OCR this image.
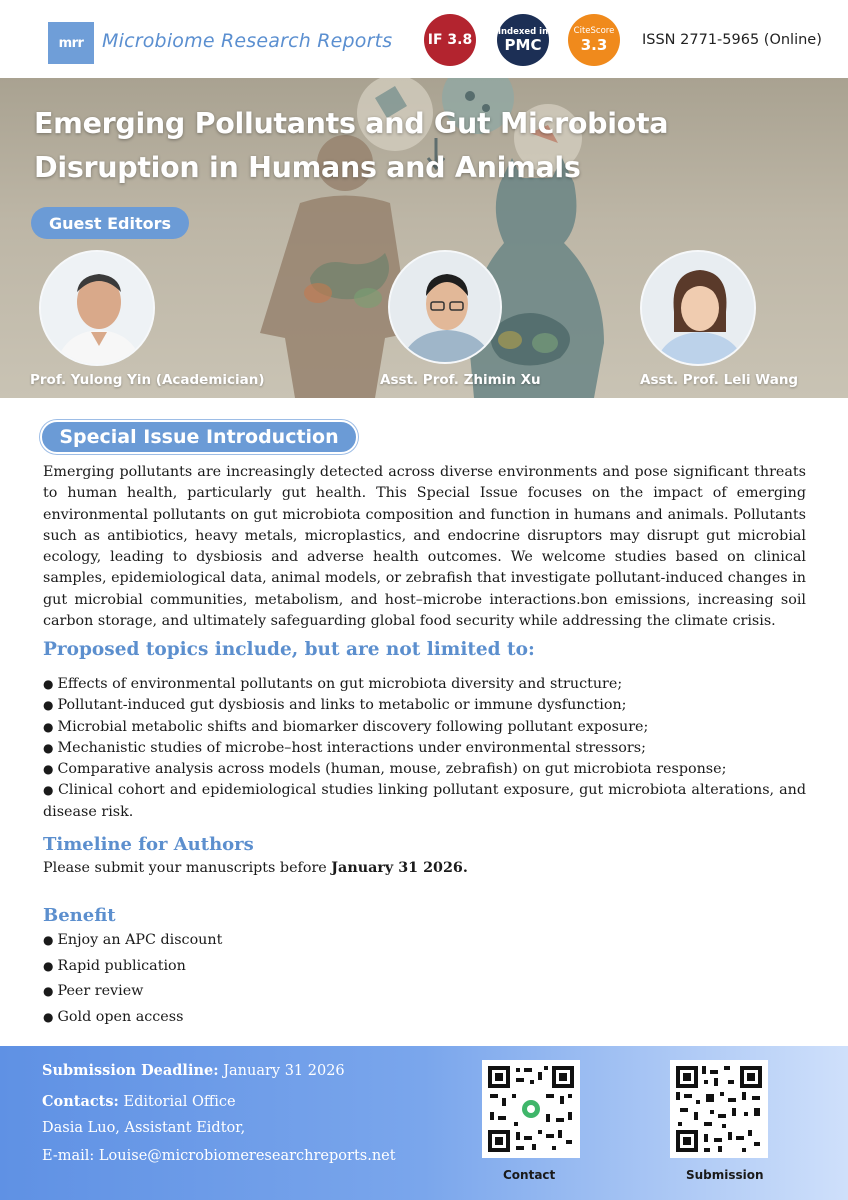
mrr Microbiome Research Reports	IF 3.8
Indexed in
PMC
CiteScore
3.3 ISSN 2771-5965 (Online)
Emerging Pollutants and Gut Microbiota Disruption in Humans and Animals
Guest Editors
Prof. Yulong Yin (Academician)	Asst. Prof. Zhimin Xu	Asst. Prof. Leli Wang
Special Issue Introduction

Emerging pollutants are increasingly detected across diverse environments and pose significant threats to human health, particularly gut health. This Special Issue focuses on the impact of emerging environmental pollutants on gut microbiota composition and function in humans and animals. Pollutants such as antibiotics, heavy metals, microplastics, and endocrine disruptors may disrupt gut microbial ecology, leading to dysbiosis and adverse health outcomes. We welcome studies based on clinical samples, epidemiological data, animal models, or zebrafish that investigate pollutant-induced changes in gut microbial communities, metabolism, and host–microbe interactions.bon emissions, increasing soil carbon storage, and ultimately safeguarding global food security while addressing the climate crisis.

Proposed topics include, but are not limited to:
● Effects of environmental pollutants on gut microbiota diversity and structure;
● Pollutant-induced gut dysbiosis and links to metabolic or immune dysfunction;
● Microbial metabolic shifts and biomarker discovery following pollutant exposure;
● Mechanistic studies of microbe–host interactions under environmental stressors;
● Comparative analysis across models (human, mouse, zebrafish) on gut microbiota response;
● Clinical cohort and epidemiological studies linking pollutant exposure, gut microbiota alterations, and disease risk.
Timeline for Authors
Please submit your manuscripts before January 31 2026.
Benefit
● Enjoy an APC discount
● Rapid publication
● Peer review
● Gold open access
Submission Deadline: January 31 2026
Contacts: Editorial Office
Dasia Luo, Assistant Eidtor,
E-mail: Louise@microbiomeresearchreports.net
Contact	Submission
